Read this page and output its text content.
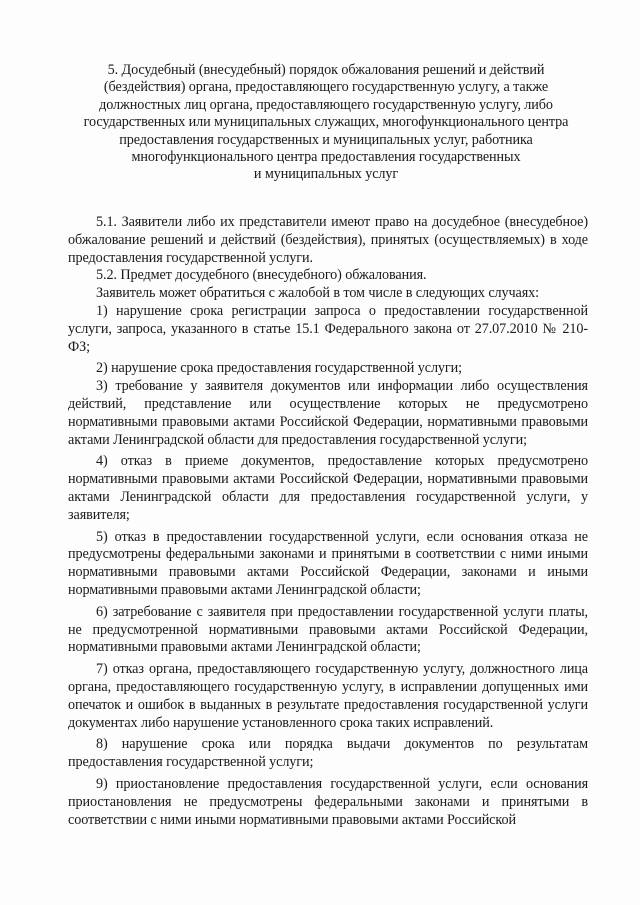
5. Досудебный (внесудебный) порядок обжалования решений и действий
(бездействия) органа, предоставляющего государственную услугу, а также
должностных лиц органа, предоставляющего государственную услугу, либо
государственных или муниципальных служащих, многофункционального центра
предоставления государственных и муниципальных услуг, работника
многофункционального центра предоставления государственных
и муниципальных услуг

5.1. Заявители либо их представители имеют право на досудебное (внесудебное) обжалование решений и действий (бездействия), принятых (осуществляемых) в ходе предоставления государственной услуги.

5.2. Предмет досудебного (внесудебного) обжалования.

Заявитель может обратиться с жалобой в том числе в следующих случаях:

1) нарушение срока регистрации запроса о предоставлении государственной услуги, запроса, указанного в статье 15.1 Федерального закона от 27.07.2010 № 210-ФЗ;

2) нарушение срока предоставления государственной услуги;

3) требование у заявителя документов или информации либо осуществления действий, представление или осуществление которых не предусмотрено нормативными правовыми актами Российской Федерации, нормативными правовыми актами Ленинградской области для предоставления государственной услуги;

4) отказ в приеме документов, предоставление которых предусмотрено нормативными правовыми актами Российской Федерации, нормативными правовыми актами Ленинградской области для предоставления государственной услуги, у заявителя;

5) отказ в предоставлении государственной услуги, если основания отказа не предусмотрены федеральными законами и принятыми в соответствии с ними иными нормативными правовыми актами Российской Федерации, законами и иными нормативными правовыми актами Ленинградской области;

6) затребование с заявителя при предоставлении государственной услуги платы, не предусмотренной нормативными правовыми актами Российской Федерации, нормативными правовыми актами Ленинградской области;

7) отказ органа, предоставляющего государственную услугу, должностного лица органа, предоставляющего государственную услугу, в исправлении допущенных ими опечаток и ошибок в выданных в результате предоставления государственной услуги документах либо нарушение установленного срока таких исправлений.

8) нарушение срока или порядка выдачи документов по результатам предоставления государственной услуги;

9) приостановление предоставления государственной услуги, если основания приостановления не предусмотрены федеральными законами и принятыми в соответствии с ними иными нормативными правовыми актами Российской
